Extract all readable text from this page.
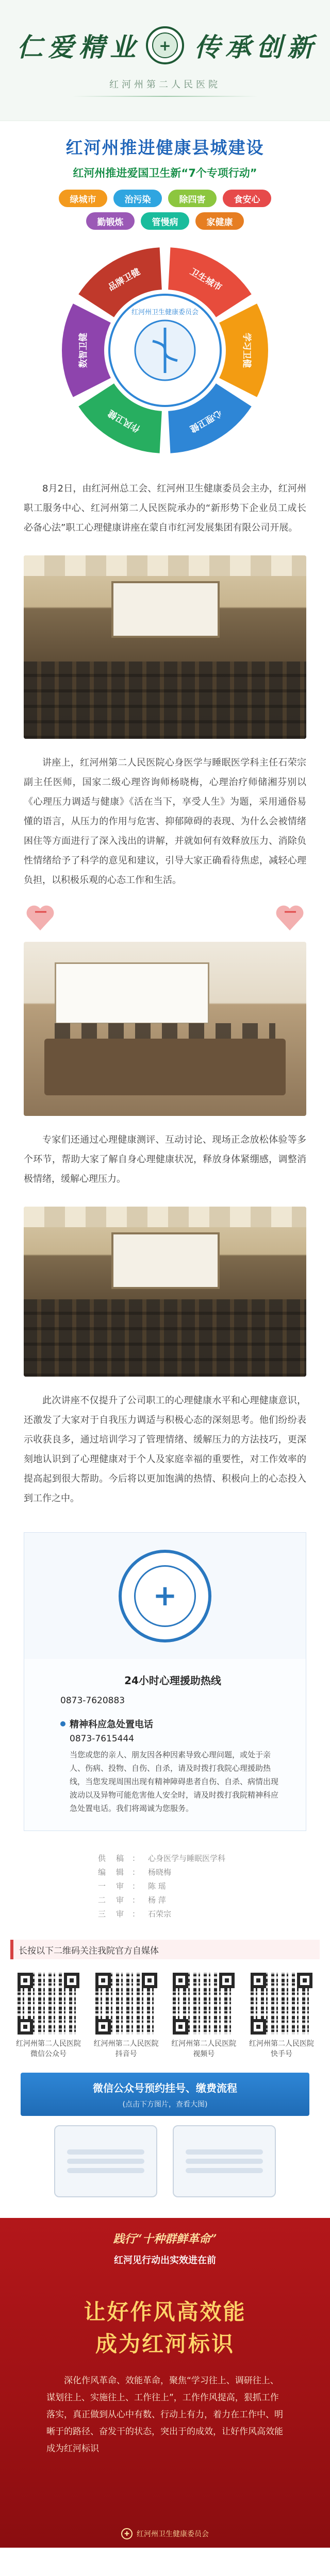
仁 爱 精 业	+ 传 承 创 新
红河州第二人民医院
红河州推进健康县城建设
红河州推进爱国卫生新“7个专项行动”
绿城市	治污染	除四害	食安心
勤锻炼	管慢病	家健康
卫生城市
学习卫健
心理卫健
作风卫健
数智卫健
品牌卫健
红河州卫生健康委员会

8月2日，由红河州总工会、红河州卫生健康委员会主办，红河州职工服务中心、红河州第二人民医院承办的“新形势下企业员工成长必备心法”职工心理健康讲座在蒙自市红河发展集团有限公司开展。

讲座上，红河州第二人民医院心身医学与睡眠医学科主任石荣宗副主任医师，国家二级心理咨询师杨晓梅，心理治疗师储湘芬别以《心理压力调适与健康》《活在当下，享受人生》为题，采用通俗易懂的语言，从压力的作用与危害、抑郁障碍的表现、为什么会被情绪困住等方面进行了深入浅出的讲解，并就如何有效释放压力、消除负性情绪给予了科学的意见和建议，引导大家正确看待焦虑，减轻心理负担，以积极乐观的心态工作和生活。

专家们还通过心理健康测评、互动讨论、现场正念放松体验等多个环节，帮助大家了解自身心理健康状况，释放身体紧绷感，调整消极情绪，缓解心理压力。

此次讲座不仅提升了公司职工的心理健康水平和心理健康意识，还激发了大家对于自我压力调适与积极心态的深刻思考。他们纷纷表示收获良多，通过培训学习了管理情绪、缓解压力的方法技巧，更深刻地认识到了心理健康对于个人及家庭幸福的重要性，对工作效率的提高起到很大帮助。今后将以更加饱满的热情、积极向上的心态投入到工作之中。

+
24小时心理援助热线
0873-7620883
精神科应急处置电话
0873-7615444
当您或您的亲人、朋友因各种因素导致心理问题，或处于亲人、伤病、投物、自伤、自杀，请及时拨打我院心理援助热线，当您发现周围出现有精神障碍患者自伤、自杀、病情出现波动以及异物可能危害他人安全时，请及时拨打我院精神科应急处置电话。我们将竭诚为您服务。
供稿 ： 心身医学与睡眠医学科
编辑 ： 杨晓梅
一审 ： 陈 瑶
二审 ： 杨 萍
三审 ： 石荣宗
长按以下二维码关注我院官方自媒体
红河州第二人民医院微信公众号
红河州第二人民医院抖音号
红河州第二人民医院视频号
红河州第二人民医院快手号
微信公众号预约挂号、缴费流程
(点击下方图片，查看大图)
践行“十种群鲜革命”
红河见行动出实效进在前
让好作风高效能
成为红河标识
深化作风革命、效能革命，聚焦“学习往上、调研往上、谋划往上、实施往上、工作往上”，工作作风提高，狠抓工作落实，真正做到从心中有数、行动上有力，着力在工作中、明晰于的路径、奋发干的状态，突出于的成效，让好作风高效能成为红河标识
✚ 红河州卫生健康委员会
